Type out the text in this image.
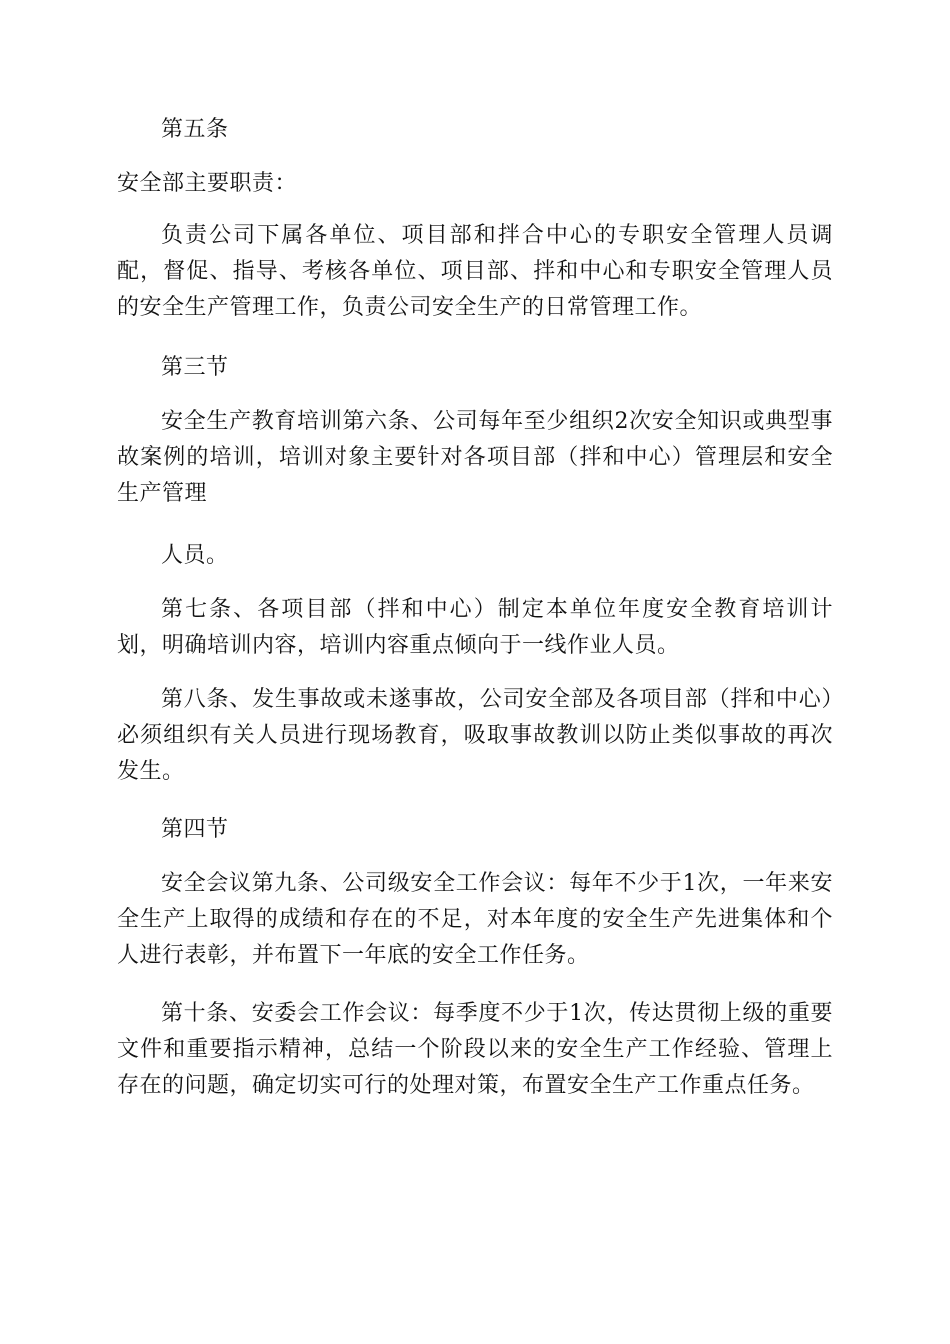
第五条

安全部主要职责：

负责公司下属各单位、项目部和拌合中心的专职安全管理人员调配，督促、指导、考核各单位、项目部、拌和中心和专职安全管理人员的安全生产管理工作，负责公司安全生产的日常管理工作。

第三节

安全生产教育培训第六条、公司每年至少组织2次安全知识或典型事故案例的培训，培训对象主要针对各项目部（拌和中心）管理层和安全生产管理

人员。

第七条、各项目部（拌和中心）制定本单位年度安全教育培训计划，明确培训内容，培训内容重点倾向于一线作业人员。

第八条、发生事故或未遂事故，公司安全部及各项目部（拌和中心）必须组织有关人员进行现场教育，吸取事故教训以防止类似事故的再次发生。

第四节

安全会议第九条、公司级安全工作会议：每年不少于1次，一年来安全生产上取得的成绩和存在的不足，对本年度的安全生产先进集体和个人进行表彰，并布置下一年底的安全工作任务。

第十条、安委会工作会议：每季度不少于1次，传达贯彻上级的重要文件和重要指示精神，总结一个阶段以来的安全生产工作经验、管理上存在的问题，确定切实可行的处理对策，布置安全生产工作重点任务。
